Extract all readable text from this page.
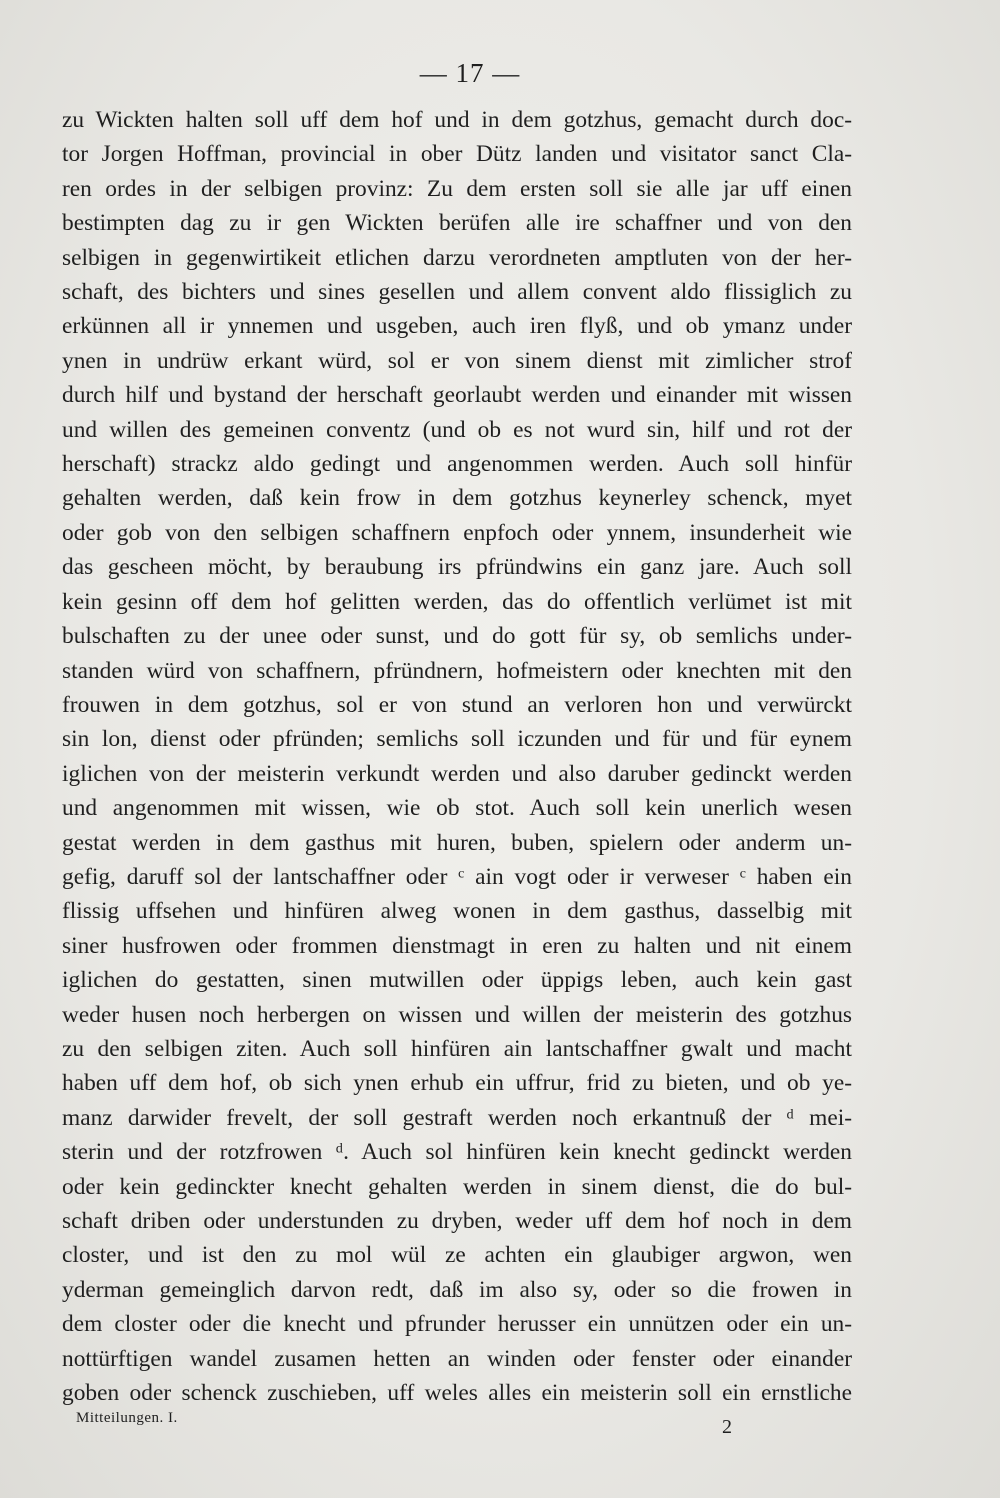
— 17 —
zu Wickten halten soll uff dem hof und in dem gotzhus, gemacht durch doc-
tor Jorgen Hoffman, provincial in ober Dütz landen und visitator sanct Cla-
ren ordes in der selbigen provinz: Zu dem ersten soll sie alle jar uff einen
bestimpten dag zu ir gen Wickten berüfen alle ire schaffner und von den
selbigen in gegenwirtikeit etlichen darzu verordneten amptluten von der her-
schaft, des bichters und sines gesellen und allem convent aldo flissiglich zu
erkünnen all ir ynnemen und usgeben, auch iren flyß, und ob ymanz under
ynen in undrüw erkant würd, sol er von sinem dienst mit zimlicher strof
durch hilf und bystand der herschaft georlaubt werden und einander mit wissen
und willen des gemeinen conventz (und ob es not wurd sin, hilf und rot der
herschaft) strackz aldo gedingt und angenommen werden. Auch soll hinfür
gehalten werden, daß kein frow in dem gotzhus keynerley schenck, myet
oder gob von den selbigen schaffnern enpfoch oder ynnem, insunderheit wie
das gescheen möcht, by beraubung irs pfründwins ein ganz jare. Auch soll
kein gesinn off dem hof gelitten werden, das do offentlich verlümet ist mit
bulschaften zu der unee oder sunst, und do gott für sy, ob semlichs under-
standen würd von schaffnern, pfründnern, hofmeistern oder knechten mit den
frouwen in dem gotzhus, sol er von stund an verloren hon und verwürckt
sin lon, dienst oder pfründen; semlichs soll iczunden und für und für eynem
iglichen von der meisterin verkundt werden und also daruber gedinckt werden
und angenommen mit wissen, wie ob stot. Auch soll kein unerlich wesen
gestat werden in dem gasthus mit huren, buben, spielern oder anderm un-
gefig, daruff sol der lantschaffner oder ᶜ ain vogt oder ir verweser ᶜ haben ein
flissig uffsehen und hinfüren alweg wonen in dem gasthus, dasselbig mit
siner husfrowen oder frommen dienstmagt in eren zu halten und nit einem
iglichen do gestatten, sinen mutwillen oder üppigs leben, auch kein gast
weder husen noch herbergen on wissen und willen der meisterin des gotzhus
zu den selbigen ziten. Auch soll hinfüren ain lantschaffner gwalt und macht
haben uff dem hof, ob sich ynen erhub ein uffrur, frid zu bieten, und ob ye-
manz darwider frevelt, der soll gestraft werden noch erkantnuß der ᵈ mei-
sterin und der rotzfrowen ᵈ. Auch sol hinfüren kein knecht gedinckt werden
oder kein gedinckter knecht gehalten werden in sinem dienst, die do bul-
schaft driben oder understunden zu dryben, weder uff dem hof noch in dem
closter, und ist den zu mol wül ze achten ein glaubiger argwon, wen
yderman gemeinglich darvon redt, daß im also sy, oder so die frowen in
dem closter oder die knecht und pfrunder herusser ein unnützen oder ein un-
nottürftigen wandel zusamen hetten an winden oder fenster oder einander
goben oder schenck zuschieben, uff weles alles ein meisterin soll ein ernstliche
Mitteilungen. I.	2
